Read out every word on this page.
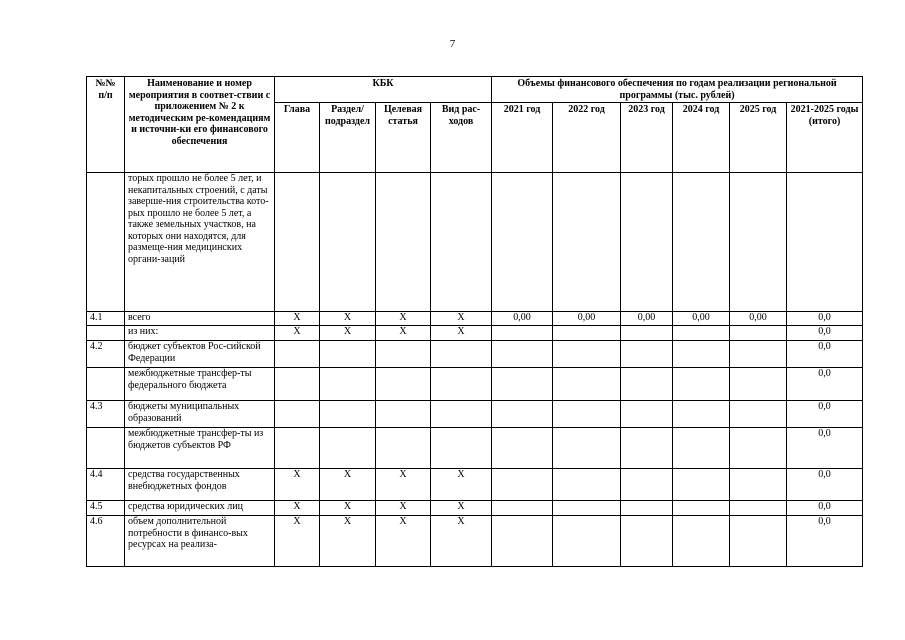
7
№№ п/п	Наименование и номер мероприятия в соответ-ствии с приложением № 2 к методическим ре-комендациям и источни-ки его финансового обеспечения	КБК				Объемы финансового обеспечения по годам реализации региональной программы (тыс. рублей)					
		Глава	Раздел/ подраздел	Целевая статья	Вид рас-ходов	2021 год	2022 год	2023 год	2024 год	2025 год	2021-2025 годы (итого)
	торых прошло не более 5 лет, и некапитальных строений, с даты заверше-ния строительства кото-рых прошло не более 5 лет, а также земельных участков, на которых они находятся, для размеще-ния медицинских органи-заций										
4.1	всего	X	X	X	X	0,00	0,00	0,00	0,00	0,00	0,0
	из них:	X	X	X	X						0,0
4.2	бюджет субъектов Рос-сийской Федерации										0,0
	межбюджетные трансфер-ты федерального бюджета										0,0
4.3	бюджеты муниципальных образований										0,0
	межбюджетные трансфер-ты из бюджетов субъектов РФ										0,0
4.4	средства государственных внебюджетных фондов	X	X	X	X						0,0
4.5	средства юридических лиц	X	X	X	X						0,0
4.6	объем дополнительной потребности в финансо-вых ресурсах на реализа-	X	X	X	X						0,0
